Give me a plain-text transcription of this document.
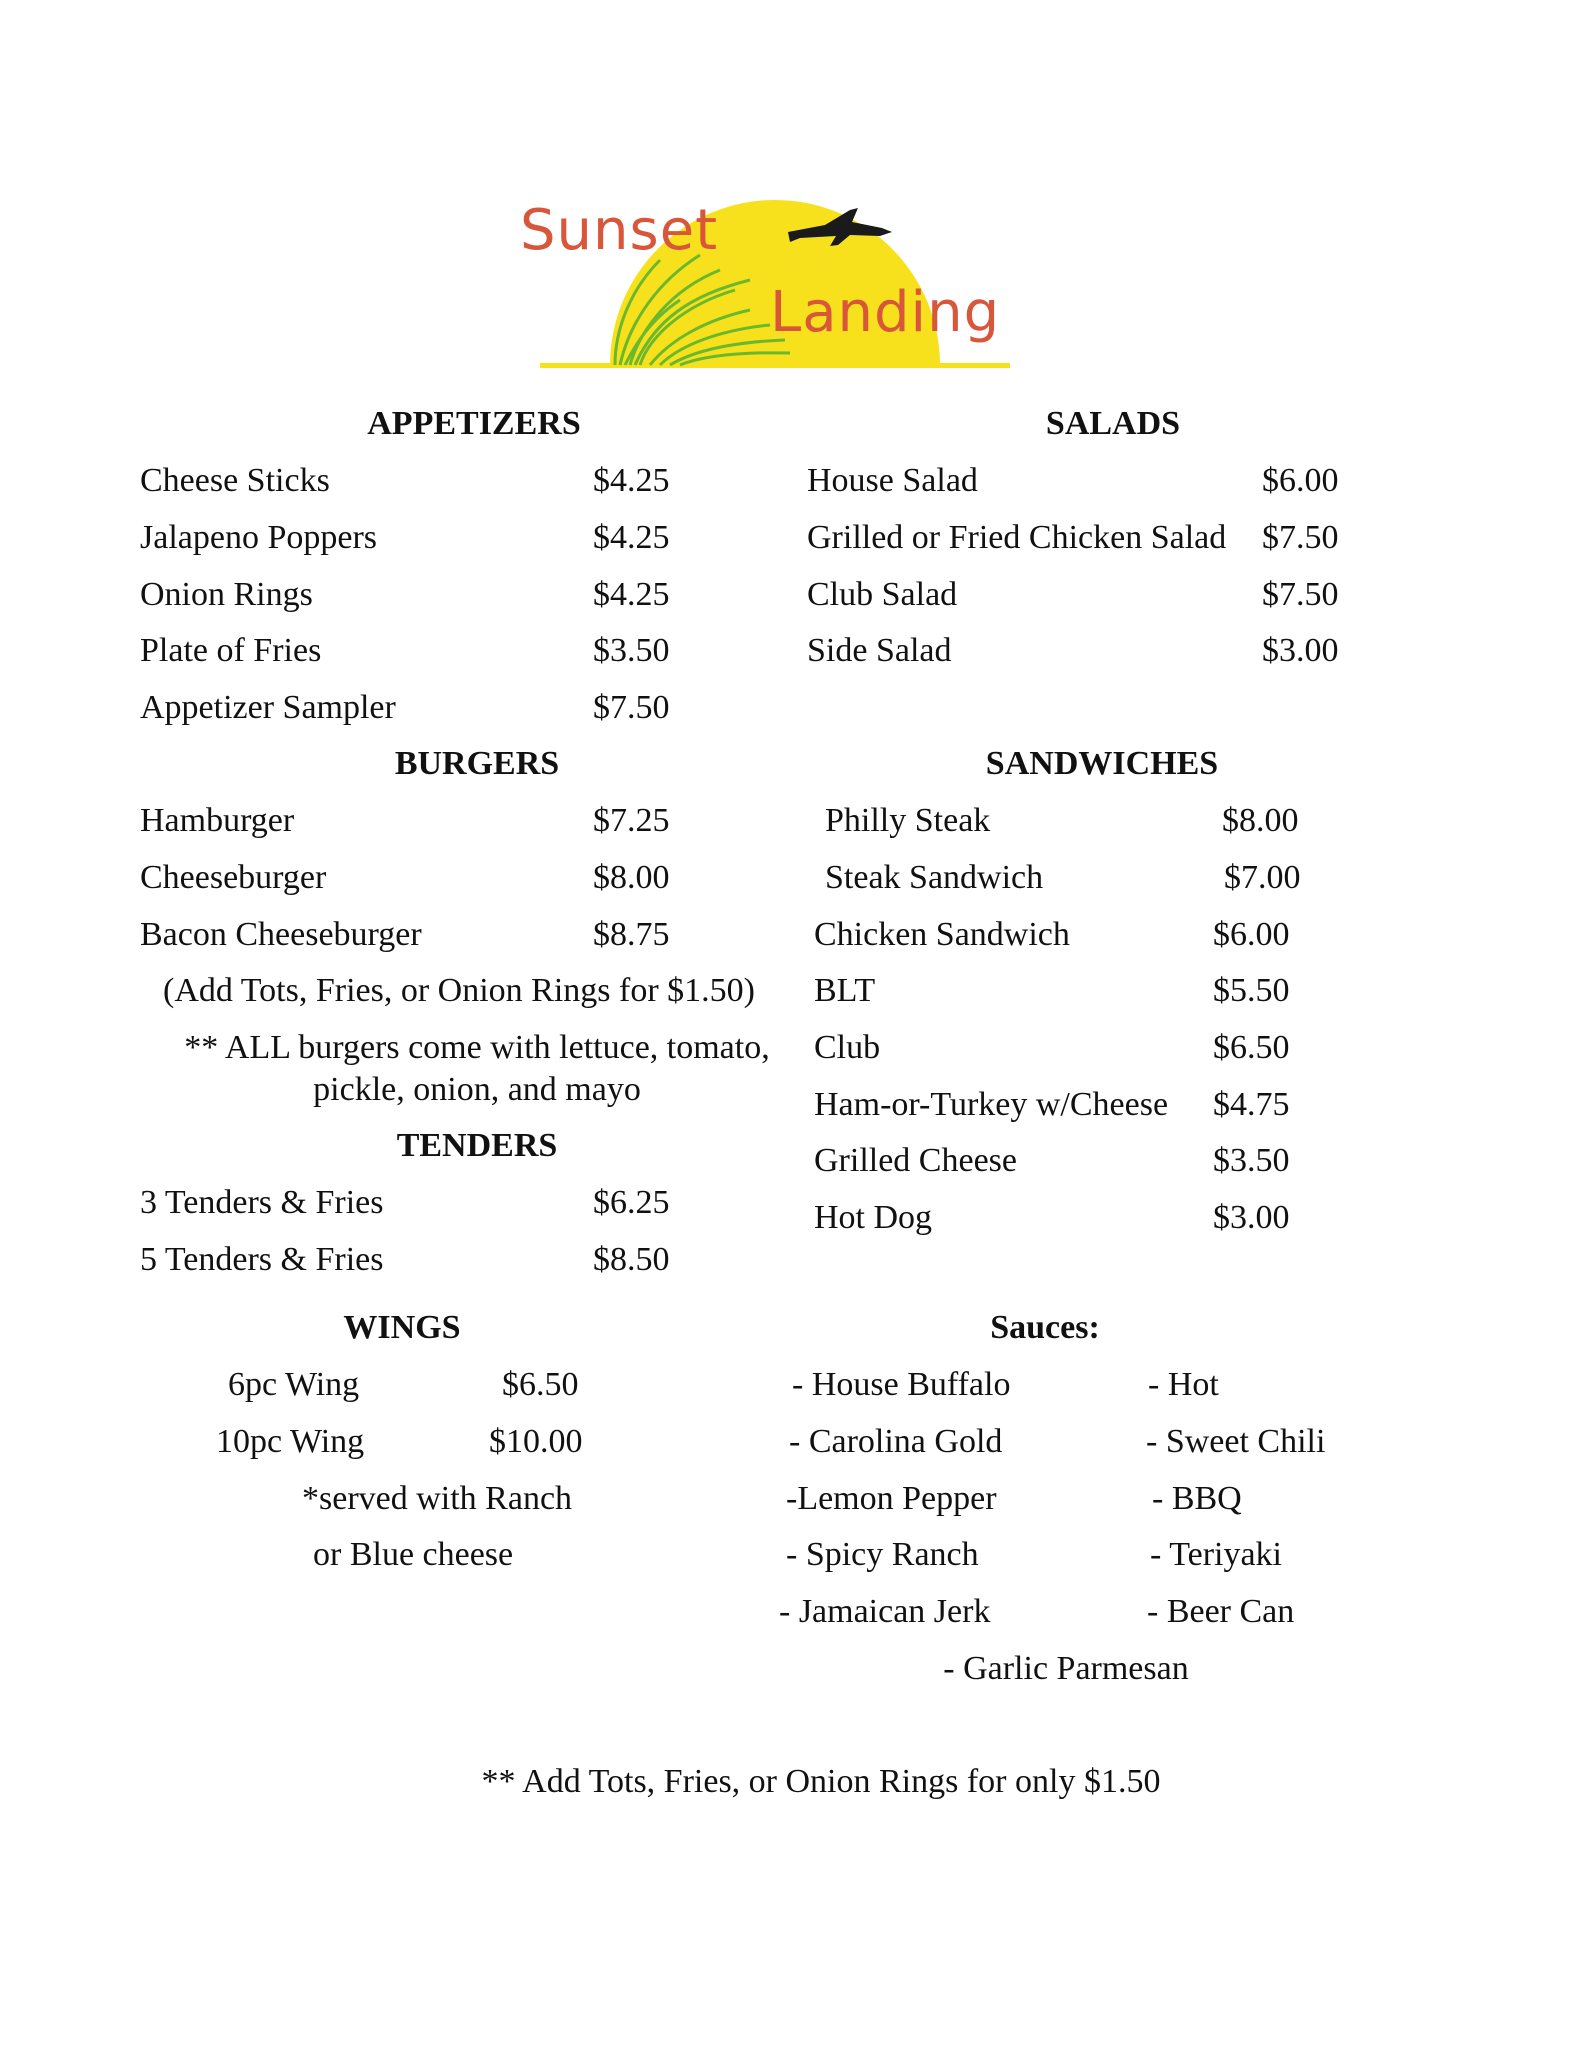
Sunset
Landing
APPETIZERS
Cheese Sticks	$4.25
Jalapeno Poppers	$4.25
Onion Rings	$4.25
Plate of Fries	$3.50
Appetizer Sampler	$7.50
SALADS
House Salad	$6.00
Grilled or Fried Chicken Salad $7.50
Club Salad	$7.50
Side Salad	$3.00
BURGERS
Hamburger	$7.25
Cheeseburger	$8.00
Bacon Cheeseburger	$8.75
(Add Tots, Fries, or Onion Rings for $1.50)
** ALL burgers come with lettuce, tomato,
pickle, onion, and mayo
TENDERS
3 Tenders & Fries	$6.25
5 Tenders & Fries	$8.50
SANDWICHES
Philly Steak	$8.00
Steak Sandwich	$7.00
Chicken Sandwich	$6.00
BLT	$5.50
Club	$6.50
Ham-or-Turkey w/Cheese $4.75
Grilled Cheese	$3.50
Hot Dog	$3.00
WINGS
6pc Wing	$6.50
10pc Wing	$10.00
*served with Ranch
or Blue cheese
Sauces:
- House Buffalo	- Hot
- Carolina Gold	- Sweet Chili
-Lemon Pepper	- BBQ
- Spicy Ranch	- Teriyaki
- Jamaican Jerk	- Beer Can
- Garlic Parmesan
** Add Tots, Fries, or Onion Rings for only $1.50
